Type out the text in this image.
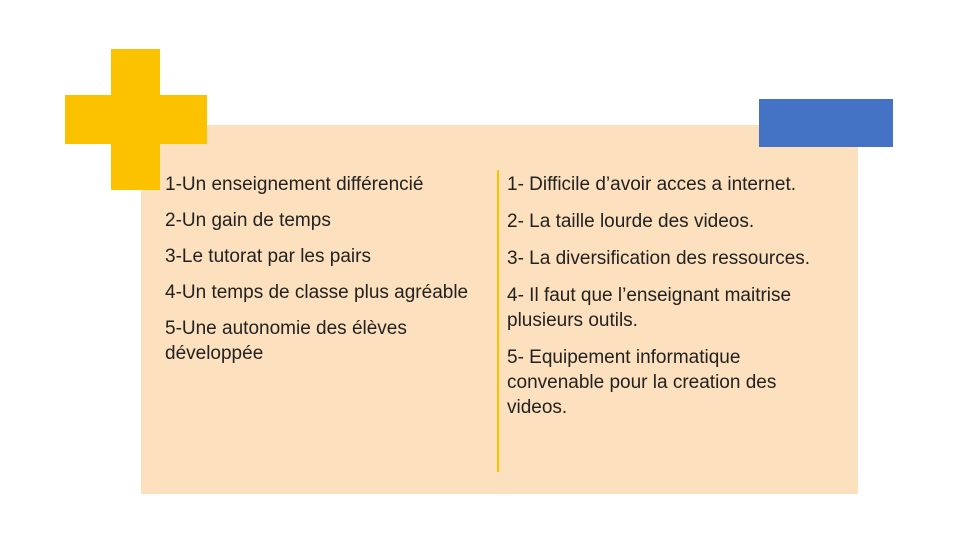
1-Un enseignement différencié
2-Un gain de temps
3-Le tutorat par les pairs
4-Un temps de classe plus agréable
5-Une autonomie des élèves développée
1- Difficile d’avoir acces a internet.
2- La taille lourde des videos.
3- La diversification des ressources.
4- Il faut que l’enseignant maitrise plusieurs outils.
5- Equipement informatique convenable pour la creation des videos.
